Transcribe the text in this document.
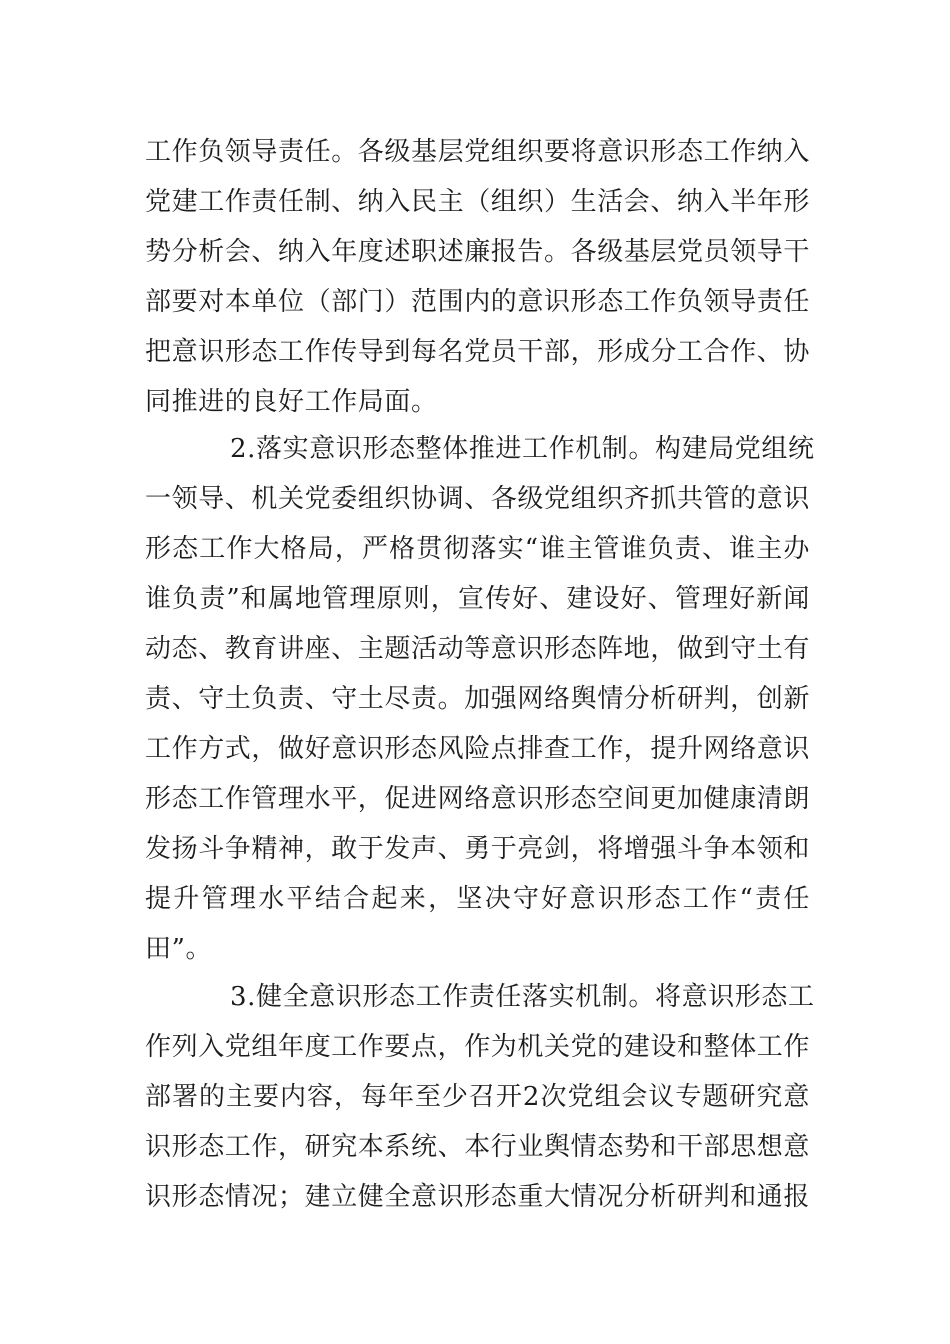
工作负领导责任。各级基层党组织要将意识形态工作纳入
党建工作责任制、纳入民主（组织）生活会、纳入半年形
势分析会、纳入年度述职述廉报告。各级基层党员领导干
部要对本单位（部门）范围内的意识形态工作负领导责任
把意识形态工作传导到每名党员干部，形成分工合作、协
同推进的良好工作局面。
2.落实意识形态整体推进工作机制。构建局党组统
一领导、机关党委组织协调、各级党组织齐抓共管的意识
形态工作大格局，严格贯彻落实“谁主管谁负责、谁主办
谁负责”和属地管理原则，宣传好、建设好、管理好新闻
动态、教育讲座、主题活动等意识形态阵地，做到守土有
责、守土负责、守土尽责。加强网络舆情分析研判，创新
工作方式，做好意识形态风险点排查工作，提升网络意识
形态工作管理水平，促进网络意识形态空间更加健康清朗
发扬斗争精神，敢于发声、勇于亮剑，将增强斗争本领和
提升管理水平结合起来，坚决守好意识形态工作“责任
田”。
3.健全意识形态工作责任落实机制。将意识形态工
作列入党组年度工作要点，作为机关党的建设和整体工作
部署的主要内容，每年至少召开2次党组会议专题研究意
识形态工作，研究本系统、本行业舆情态势和干部思想意
识形态情况；建立健全意识形态重大情况分析研判和通报
